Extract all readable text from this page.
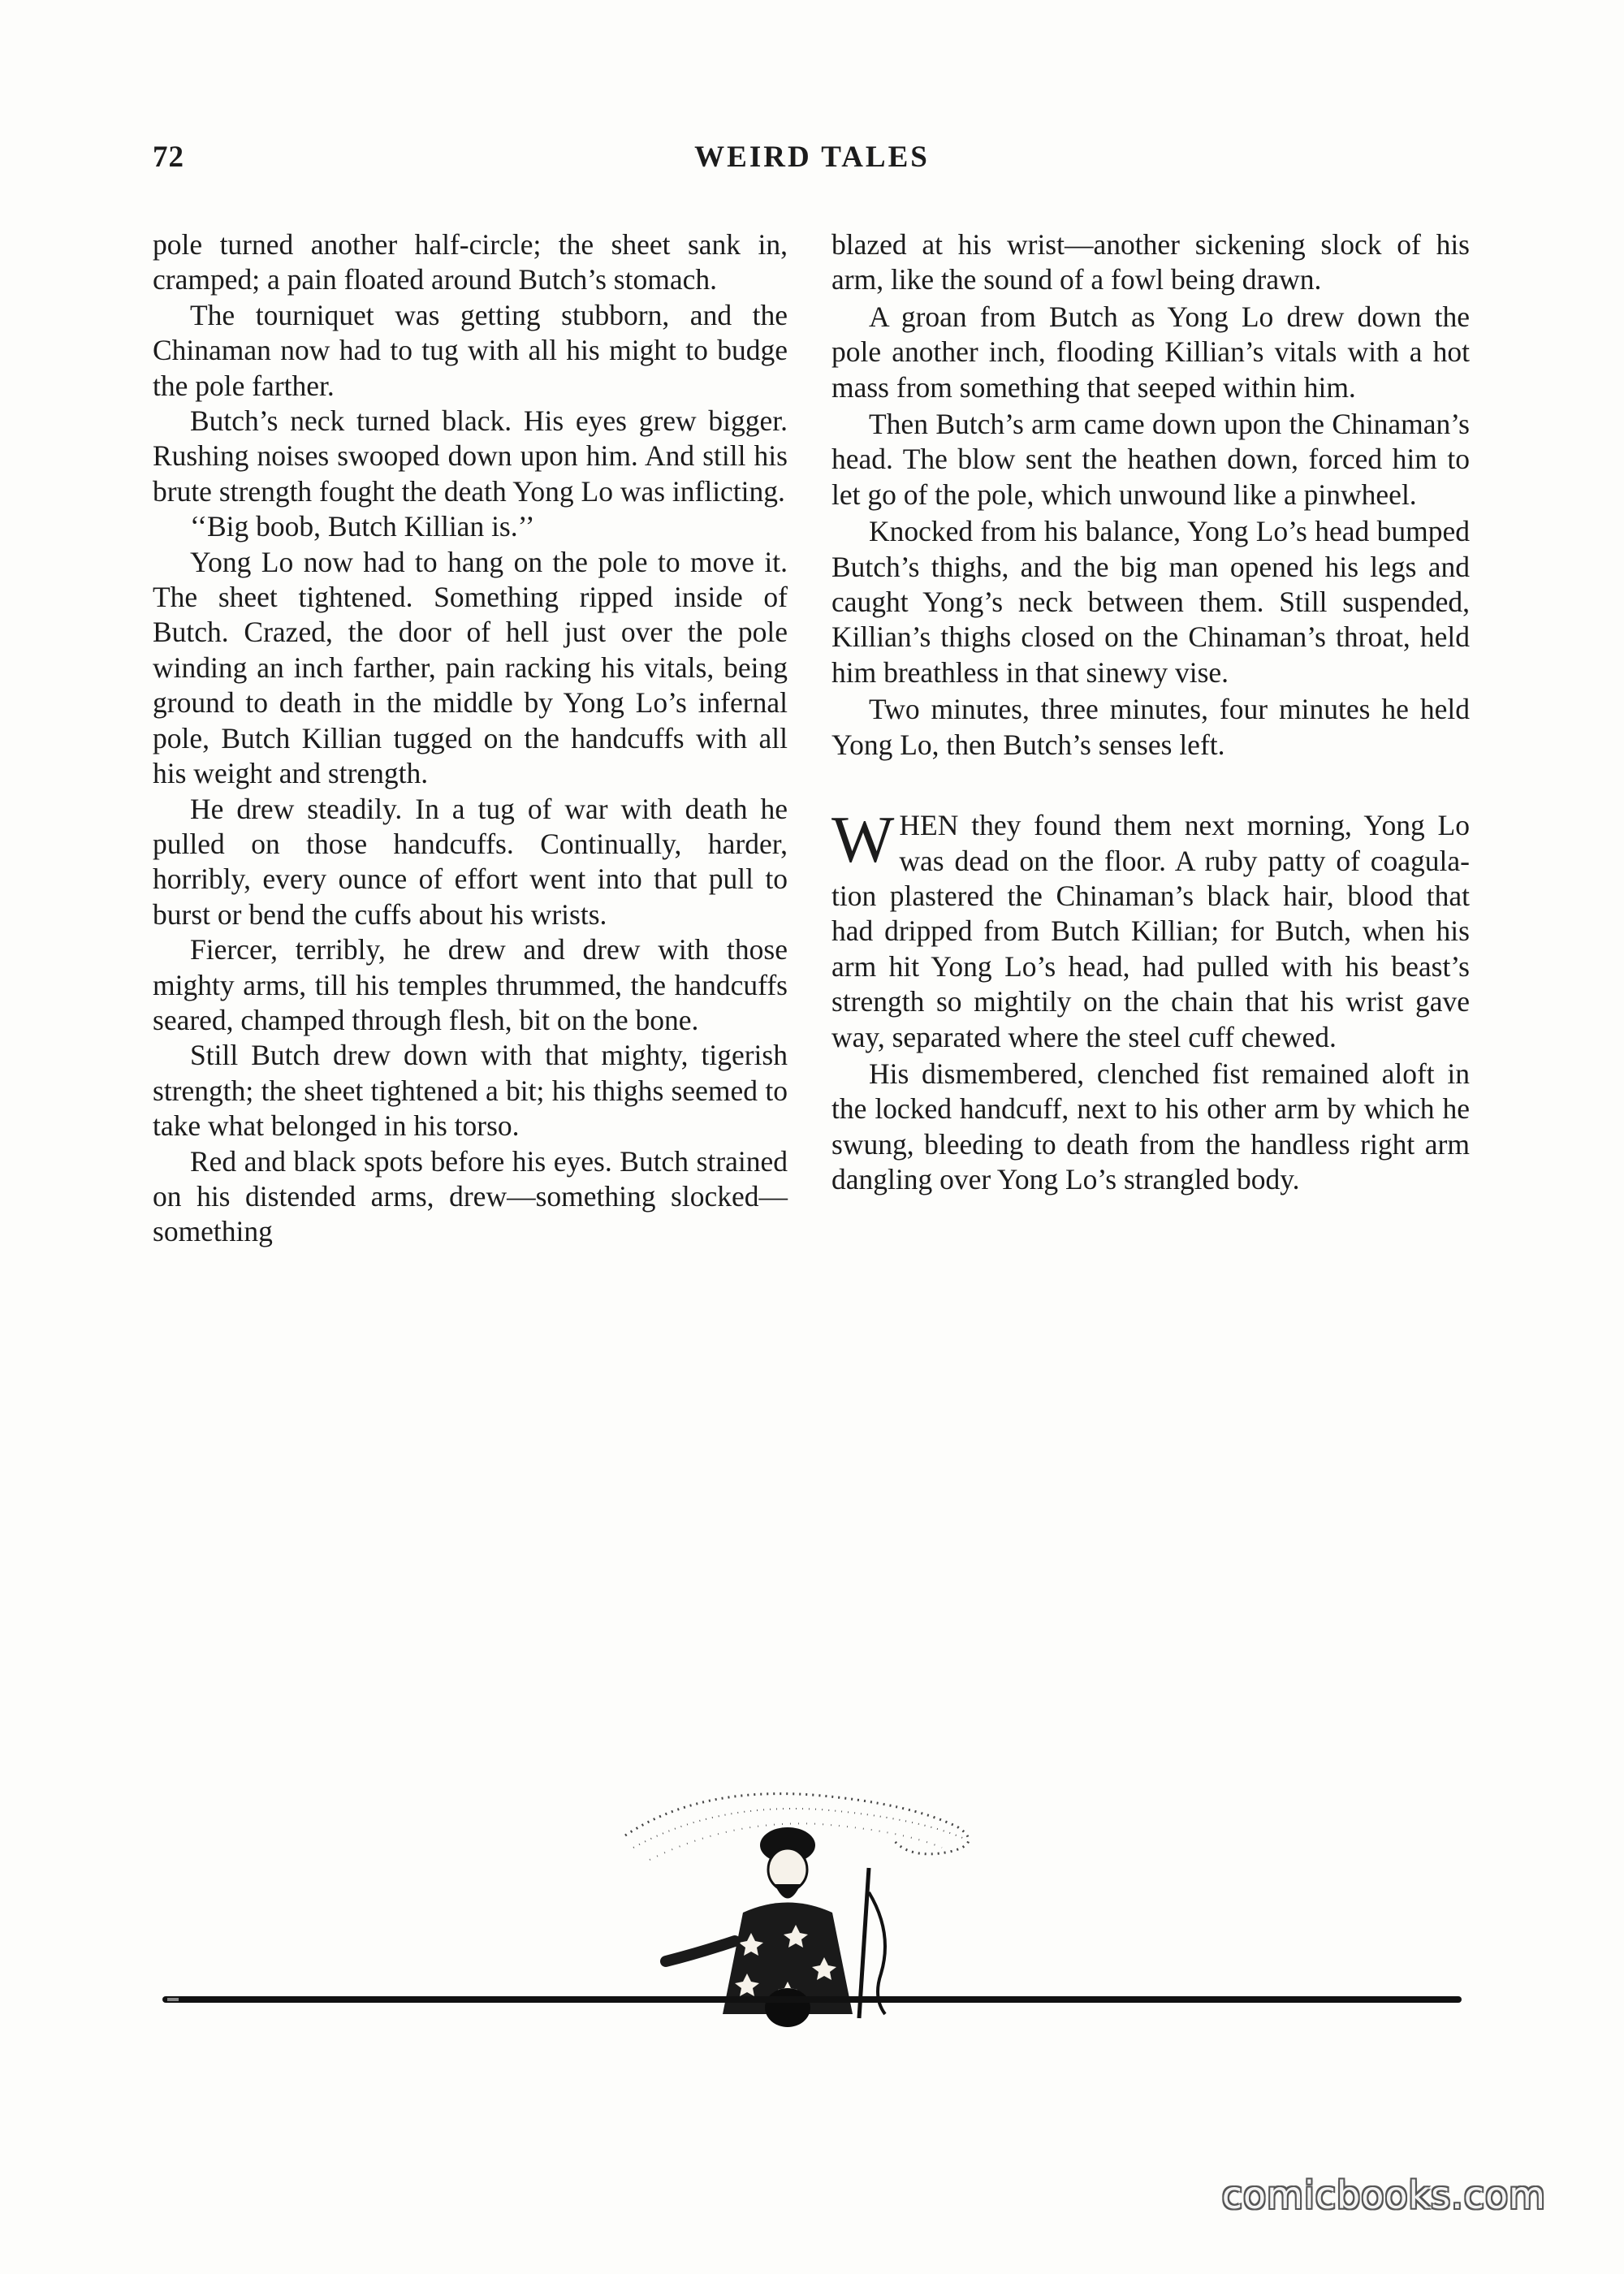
72	WEIRD TALES

pole turned another half-circle; the sheet sank in, cramped; a pain floated around Butch’s stomach.

The tourniquet was getting stubborn, and the Chinaman now had to tug with all his might to budge the pole farther.

Butch’s neck turned black. His eyes grew bigger. Rushing noises swooped down upon him. And still his brute strength fought the death Yong Lo was inflicting.

‘‘Big boob, Butch Killian is.’’

Yong Lo now had to hang on the pole to move it. The sheet tightened. Something ripped inside of Butch. Crazed, the door of hell just over the pole winding an inch farther, pain racking his vitals, being ground to death in the middle by Yong Lo’s infernal pole, Butch Killian tugged on the handcuffs with all his weight and strength.

He drew steadily. In a tug of war with death he pulled on those handcuffs. Continually, harder, horribly, every ounce of effort went into that pull to burst or bend the cuffs about his wrists.

Fiercer, terribly, he drew and drew with those mighty arms, till his temples thrummed, the handcuffs seared, champed through flesh, bit on the bone.

Still Butch drew down with that mighty, tigerish strength; the sheet tightened a bit; his thighs seemed to take what belonged in his torso.

Red and black spots before his eyes. Butch strained on his distended arms, drew—something slocked—something

blazed at his wrist—another sickening slock of his arm, like the sound of a fowl being drawn.

A groan from Butch as Yong Lo drew down the pole another inch, flooding Killian’s vitals with a hot mass from something that seeped within him.

Then Butch’s arm came down upon the Chinaman’s head. The blow sent the heathen down, forced him to let go of the pole, which unwound like a pinwheel.

Knocked from his balance, Yong Lo’s head bumped Butch’s thighs, and the big man opened his legs and caught Yong’s neck between them. Still suspended, Killian’s thighs closed on the Chinaman’s throat, held him breathless in that sinewy vise.

Two minutes, three minutes, four minutes he held Yong Lo, then Butch’s senses left.

WHEN they found them next morning, Yong Lo was dead on the floor. A ruby patty of coagulation plastered the Chinaman’s black hair, blood that had dripped from Butch Killian; for Butch, when his arm hit Yong Lo’s head, had pulled with his beast’s strength so mightily on the chain that his wrist gave way, separated where the steel cuff chewed.

His dismembered, clenched fist remained aloft in the locked handcuff, next to his other arm by which he swung, bleeding to death from the handless right arm dangling over Yong Lo’s strangled body.

comicbooks.com
